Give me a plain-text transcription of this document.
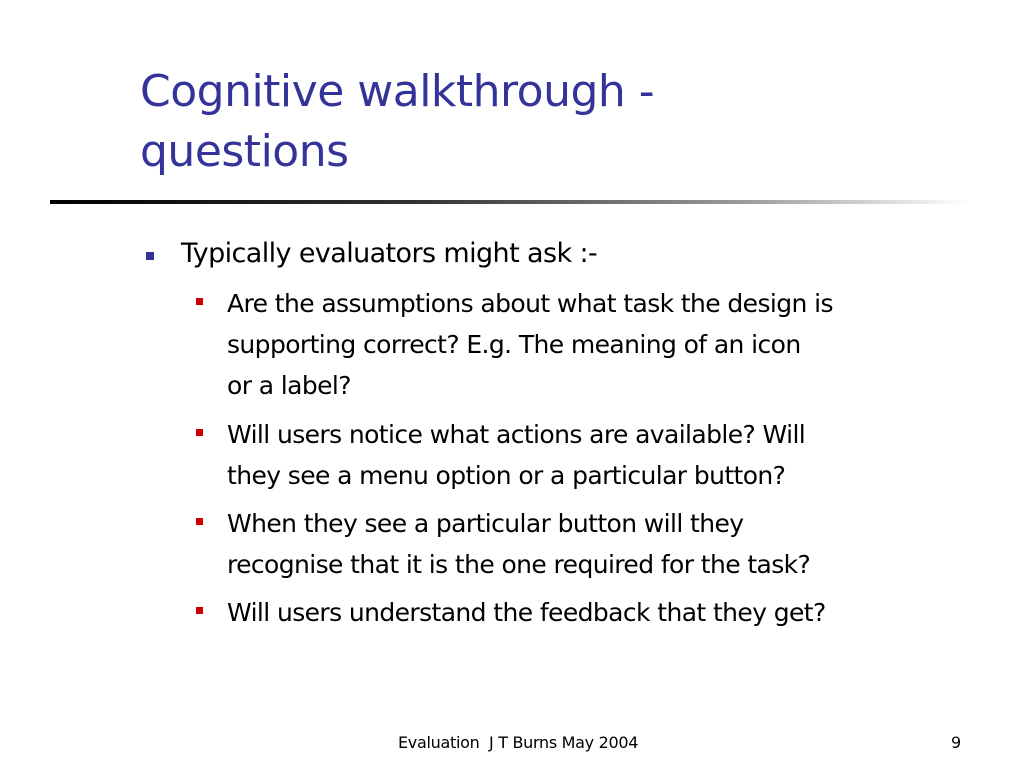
Cognitive walkthrough -
questions
Typically evaluators might ask :-
Are the assumptions about what task the design is
supporting correct? E.g. The meaning of an icon
or a label?
Will users notice what actions are available? Will
they see a menu option or a particular button?
When they see a particular button will they
recognise that it is the one required for the task?
Will users understand the feedback that they get?
Evaluation  J T Burns May 2004	9
